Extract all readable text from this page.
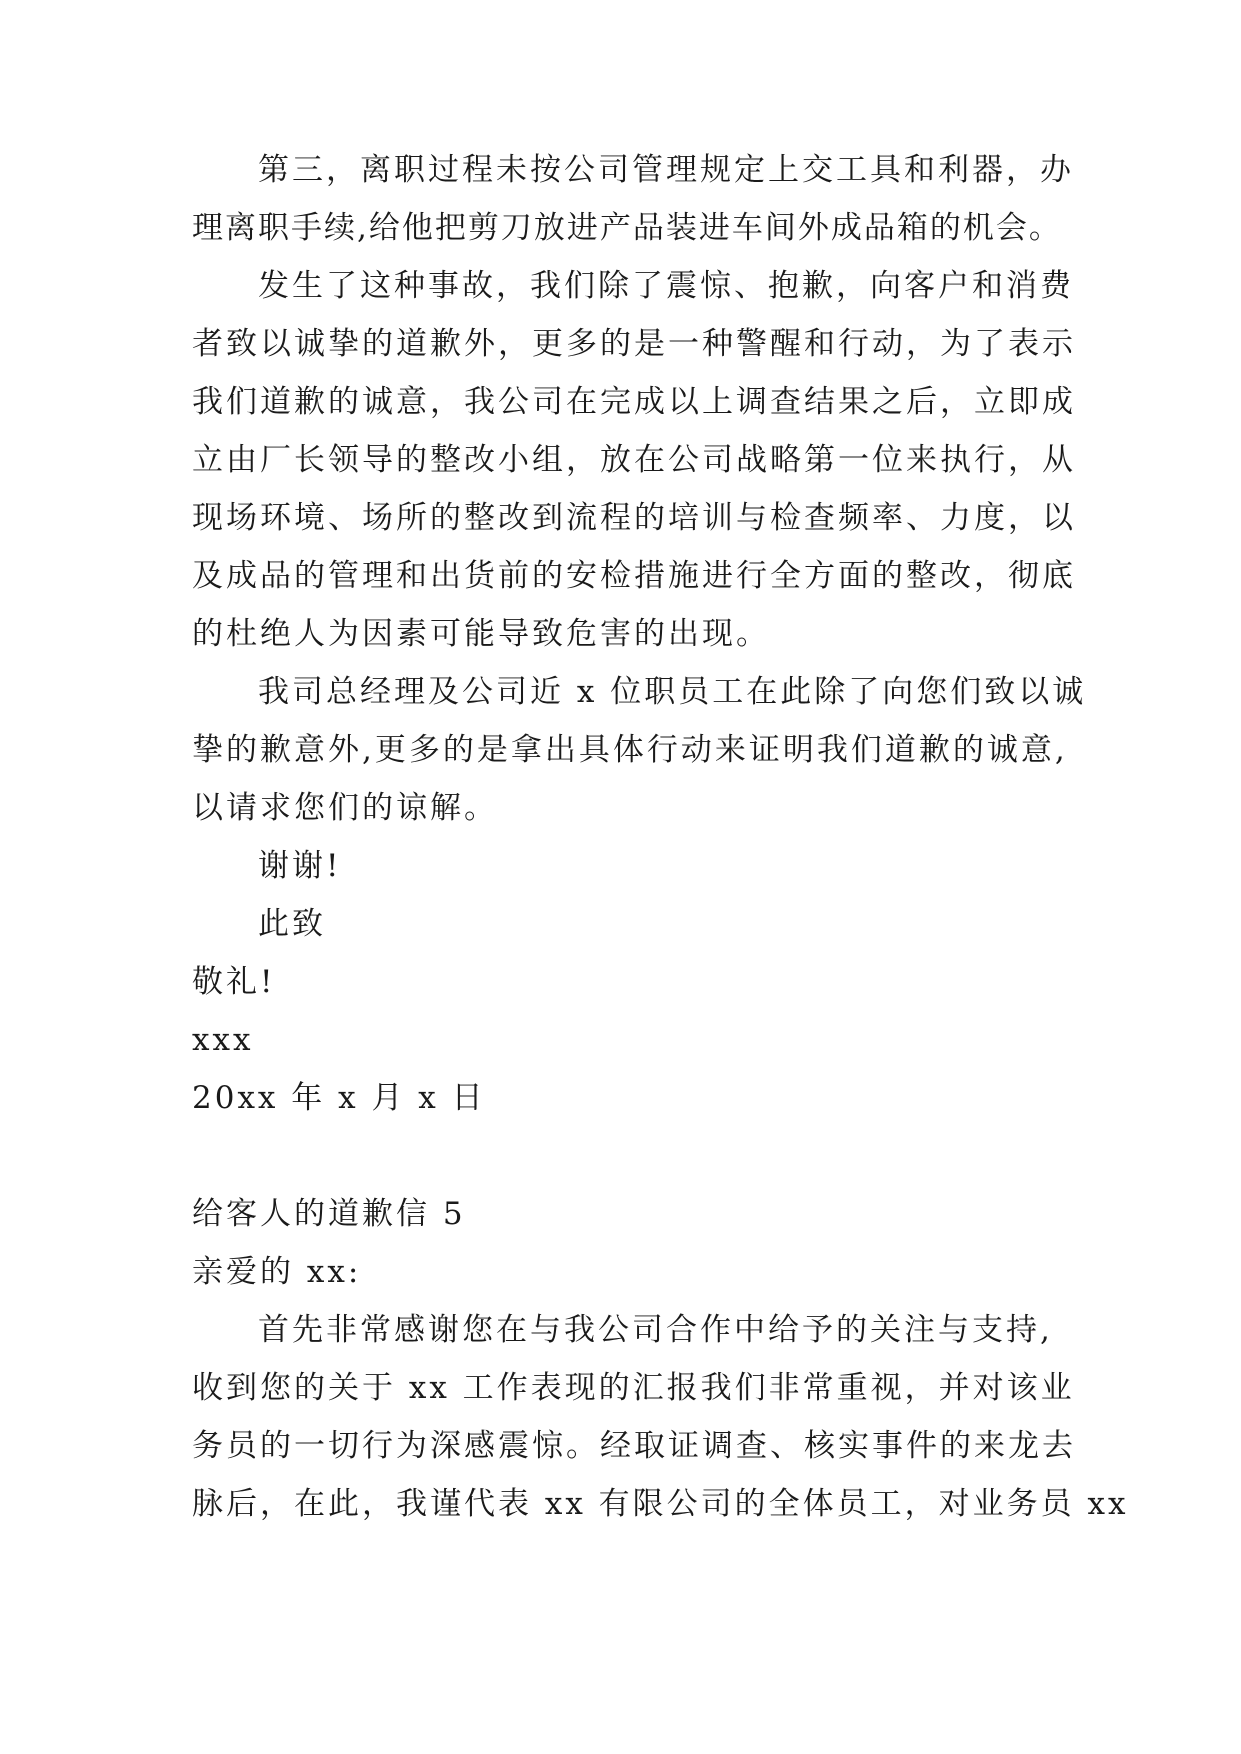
第三，离职过程未按公司管理规定上交工具和利器，办
理离职手续,给他把剪刀放进产品装进车间外成品箱的机会。
发生了这种事故，我们除了震惊、抱歉，向客户和消费
者致以诚挚的道歉外，更多的是一种警醒和行动，为了表示
我们道歉的诚意，我公司在完成以上调查结果之后，立即成
立由厂长领导的整改小组，放在公司战略第一位来执行，从
现场环境、场所的整改到流程的培训与检查频率、力度，以
及成品的管理和出货前的安检措施进行全方面的整改，彻底
的杜绝人为因素可能导致危害的出现。
我司总经理及公司近 x 位职员工在此除了向您们致以诚
挚的歉意外,更多的是拿出具体行动来证明我们道歉的诚意,
以请求您们的谅解。
谢谢!
此致
敬礼!
xxx
20xx 年 x 月 x 日
给客人的道歉信 5
亲爱的 xx:
首先非常感谢您在与我公司合作中给予的关注与支持,
收到您的关于 xx 工作表现的汇报我们非常重视，并对该业
务员的一切行为深感震惊。经取证调查、核实事件的来龙去
脉后，在此，我谨代表 xx 有限公司的全体员工，对业务员 xx
